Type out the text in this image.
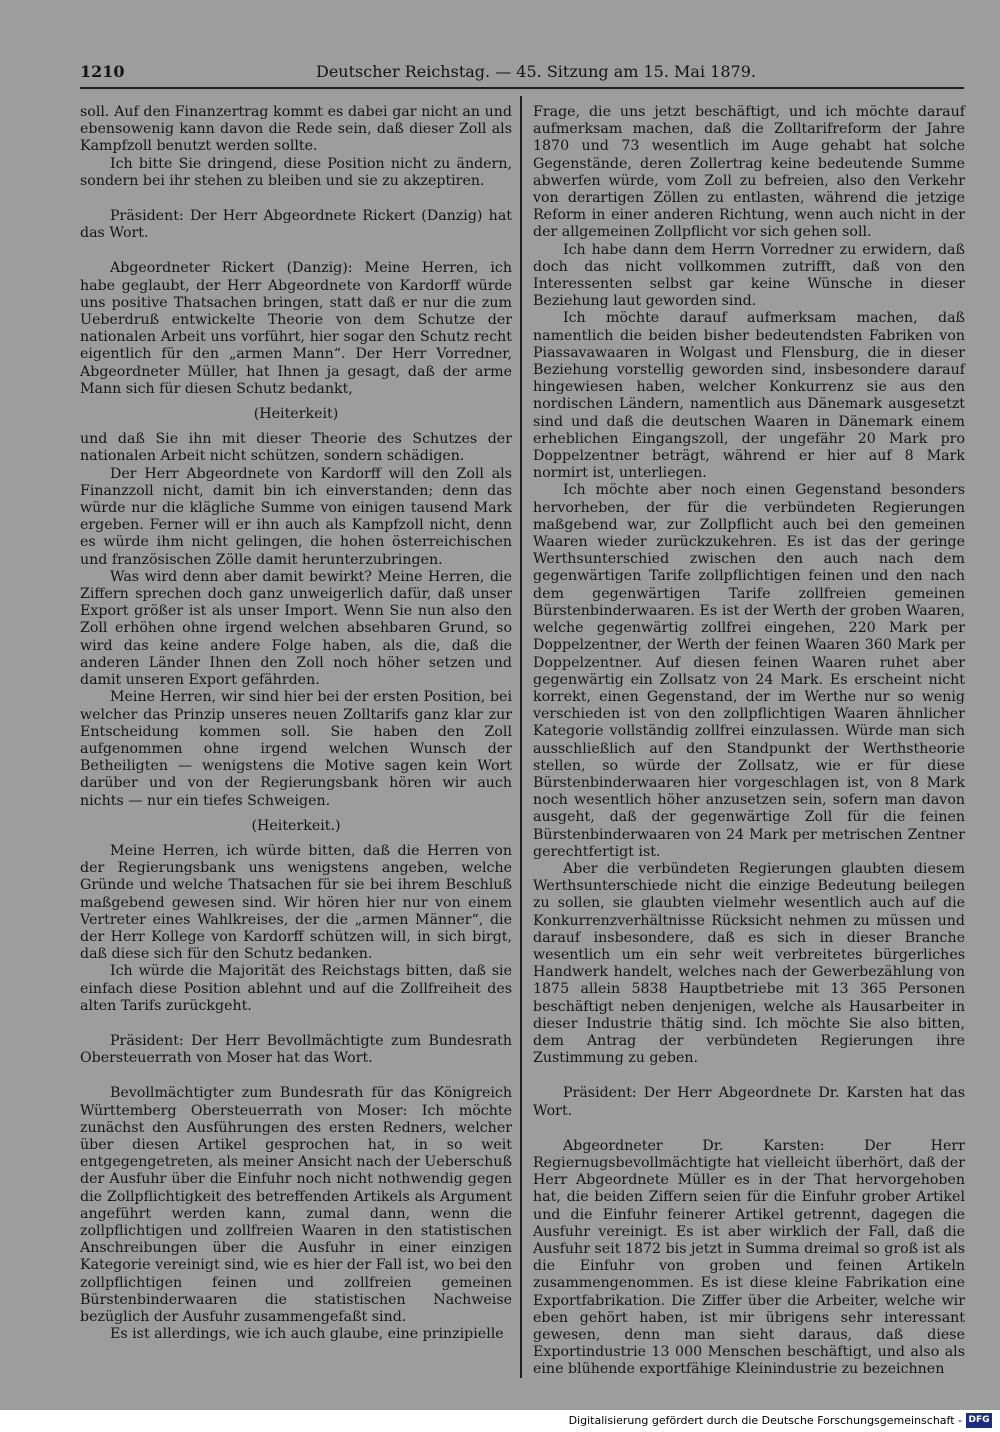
1210	Deutscher Reichstag. — 45. Sitzung am 15. Mai 1879.

soll. Auf den Finanzertrag kommt es dabei gar nicht an und ebensowenig kann davon die Rede sein, daß dieser Zoll als Kampfzoll benutzt werden sollte.

Ich bitte Sie dringend, diese Position nicht zu ändern, sondern bei ihr stehen zu bleiben und sie zu akzeptiren.

Präsident: Der Herr Abgeordnete Rickert (Danzig) hat das Wort.

Abgeordneter Rickert (Danzig): Meine Herren, ich habe geglaubt, der Herr Abgeordnete von Kardorff würde uns positive Thatsachen bringen, statt daß er nur die zum Ueberdruß entwickelte Theorie von dem Schutze der nationalen Arbeit uns vorführt, hier sogar den Schutz recht eigentlich für den „armen Mann“. Der Herr Vorredner, Abgeordneter Müller, hat Ihnen ja gesagt, daß der arme Mann sich für diesen Schutz bedankt,

(Heiterkeit)

und daß Sie ihn mit dieser Theorie des Schutzes der nationalen Arbeit nicht schützen, sondern schädigen.

Der Herr Abgeordnete von Kardorff will den Zoll als Finanzzoll nicht, damit bin ich einverstanden; denn das würde nur die klägliche Summe von einigen tausend Mark ergeben. Ferner will er ihn auch als Kampfzoll nicht, denn es würde ihm nicht gelingen, die hohen österreichischen und französischen Zölle damit herunterzubringen.

Was wird denn aber damit bewirkt? Meine Herren, die Ziffern sprechen doch ganz unweigerlich dafür, daß unser Export größer ist als unser Import. Wenn Sie nun also den Zoll erhöhen ohne irgend welchen absehbaren Grund, so wird das keine andere Folge haben, als die, daß die anderen Länder Ihnen den Zoll noch höher setzen und damit unseren Export gefährden.

Meine Herren, wir sind hier bei der ersten Position, bei welcher das Prinzip unseres neuen Zolltarifs ganz klar zur Entscheidung kommen soll. Sie haben den Zoll aufgenommen ohne irgend welchen Wunsch der Betheiligten — wenigstens die Motive sagen kein Wort darüber und von der Regierungsbank hören wir auch nichts — nur ein tiefes Schweigen.

(Heiterkeit.)

Meine Herren, ich würde bitten, daß die Herren von der Regierungsbank uns wenigstens angeben, welche Gründe und welche Thatsachen für sie bei ihrem Beschluß maßgebend gewesen sind. Wir hören hier nur von einem Vertreter eines Wahlkreises, der die „armen Männer“, die der Herr Kollege von Kardorff schützen will, in sich birgt, daß diese sich für den Schutz bedanken.

Ich würde die Majorität des Reichstags bitten, daß sie einfach diese Position ablehnt und auf die Zollfreiheit des alten Tarifs zurückgeht.

Präsident: Der Herr Bevollmächtigte zum Bundesrath Obersteuerrath von Moser hat das Wort.

Bevollmächtigter zum Bundesrath für das Königreich Württemberg Obersteuerrath von Moser: Ich möchte zunächst den Ausführungen des ersten Redners, welcher über diesen Artikel gesprochen hat, in so weit entgegengetreten, als meiner Ansicht nach der Ueberschuß der Ausfuhr über die Einfuhr noch nicht nothwendig gegen die Zollpflichtigkeit des betreffenden Artikels als Argument angeführt werden kann, zumal dann, wenn die zollpflichtigen und zollfreien Waaren in den statistischen Anschreibungen über die Ausfuhr in einer einzigen Kategorie vereinigt sind, wie es hier der Fall ist, wo bei den zollpflichtigen feinen und zollfreien gemeinen Bürstenbinderwaaren die statistischen Nachweise bezüglich der Ausfuhr zusammengefaßt sind.

Es ist allerdings, wie ich auch glaube, eine prinzipielle

Frage, die uns jetzt beschäftigt, und ich möchte darauf aufmerksam machen, daß die Zolltarifreform der Jahre 1870 und 73 wesentlich im Auge gehabt hat solche Gegenstände, deren Zollertrag keine bedeutende Summe abwerfen würde, vom Zoll zu befreien, also den Verkehr von derartigen Zöllen zu entlasten, während die jetzige Reform in einer anderen Richtung, wenn auch nicht in der der allgemeinen Zollpflicht vor sich gehen soll.

Ich habe dann dem Herrn Vorredner zu erwidern, daß doch das nicht vollkommen zutrifft, daß von den Interessenten selbst gar keine Wünsche in dieser Beziehung laut geworden sind.

Ich möchte darauf aufmerksam machen, daß namentlich die beiden bisher bedeutendsten Fabriken von Piassavawaaren in Wolgast und Flensburg, die in dieser Beziehung vorstellig geworden sind, insbesondere darauf hingewiesen haben, welcher Konkurrenz sie aus den nordischen Ländern, namentlich aus Dänemark ausgesetzt sind und daß die deutschen Waaren in Dänemark einem erheblichen Eingangszoll, der ungefähr 20 Mark pro Doppelzentner beträgt, während er hier auf 8 Mark normirt ist, unterliegen.

Ich möchte aber noch einen Gegenstand besonders hervorheben, der für die verbündeten Regierungen maßgebend war, zur Zollpflicht auch bei den gemeinen Waaren wieder zurückzukehren. Es ist das der geringe Werthsunterschied zwischen den auch nach dem gegenwärtigen Tarife zollpflichtigen feinen und den nach dem gegenwärtigen Tarife zollfreien gemeinen Bürstenbinderwaaren. Es ist der Werth der groben Waaren, welche gegenwärtig zollfrei eingehen, 220 Mark per Doppelzentner, der Werth der feinen Waaren 360 Mark per Doppelzentner. Auf diesen feinen Waaren ruhet aber gegenwärtig ein Zollsatz von 24 Mark. Es erscheint nicht korrekt, einen Gegenstand, der im Werthe nur so wenig verschieden ist von den zollpflichtigen Waaren ähnlicher Kategorie vollständig zollfrei einzulassen. Würde man sich ausschließlich auf den Standpunkt der Werthstheorie stellen, so würde der Zollsatz, wie er für diese Bürstenbinderwaaren hier vorgeschlagen ist, von 8 Mark noch wesentlich höher anzusetzen sein, sofern man davon ausgeht, daß der gegenwärtige Zoll für die feinen Bürstenbinderwaaren von 24 Mark per metrischen Zentner gerechtfertigt ist.

Aber die verbündeten Regierungen glaubten diesem Werthsunterschiede nicht die einzige Bedeutung beilegen zu sollen, sie glaubten vielmehr wesentlich auch auf die Konkurrenzverhältnisse Rücksicht nehmen zu müssen und darauf insbesondere, daß es sich in dieser Branche wesentlich um ein sehr weit verbreitetes bürgerliches Handwerk handelt, welches nach der Gewerbezählung von 1875 allein 5838 Hauptbetriebe mit 13 365 Personen beschäftigt neben denjenigen, welche als Hausarbeiter in dieser Industrie thätig sind. Ich möchte Sie also bitten, dem Antrag der verbündeten Regierungen ihre Zustimmung zu geben.

Präsident: Der Herr Abgeordnete Dr. Karsten hat das Wort.

Abgeordneter Dr. Karsten: Der Herr Regiernugsbevollmächtigte hat vielleicht überhört, daß der Herr Abgeordnete Müller es in der That hervorgehoben hat, die beiden Ziffern seien für die Einfuhr grober Artikel und die Einfuhr feinerer Artikel getrennt, dagegen die Ausfuhr vereinigt. Es ist aber wirklich der Fall, daß die Ausfuhr seit 1872 bis jetzt in Summa dreimal so groß ist als die Einfuhr von groben und feinen Artikeln zusammengenommen. Es ist diese kleine Fabrikation eine Exportfabrikation. Die Ziffer über die Arbeiter, welche wir eben gehört haben, ist mir übrigens sehr interessant gewesen, denn man sieht daraus, daß diese Exportindustrie 13 000 Menschen beschäftigt, und also als eine blühende exportfähige Kleinindustrie zu bezeichnen

Digitalisierung gefördert durch die Deutsche Forschungsgemeinschaft - DFG
